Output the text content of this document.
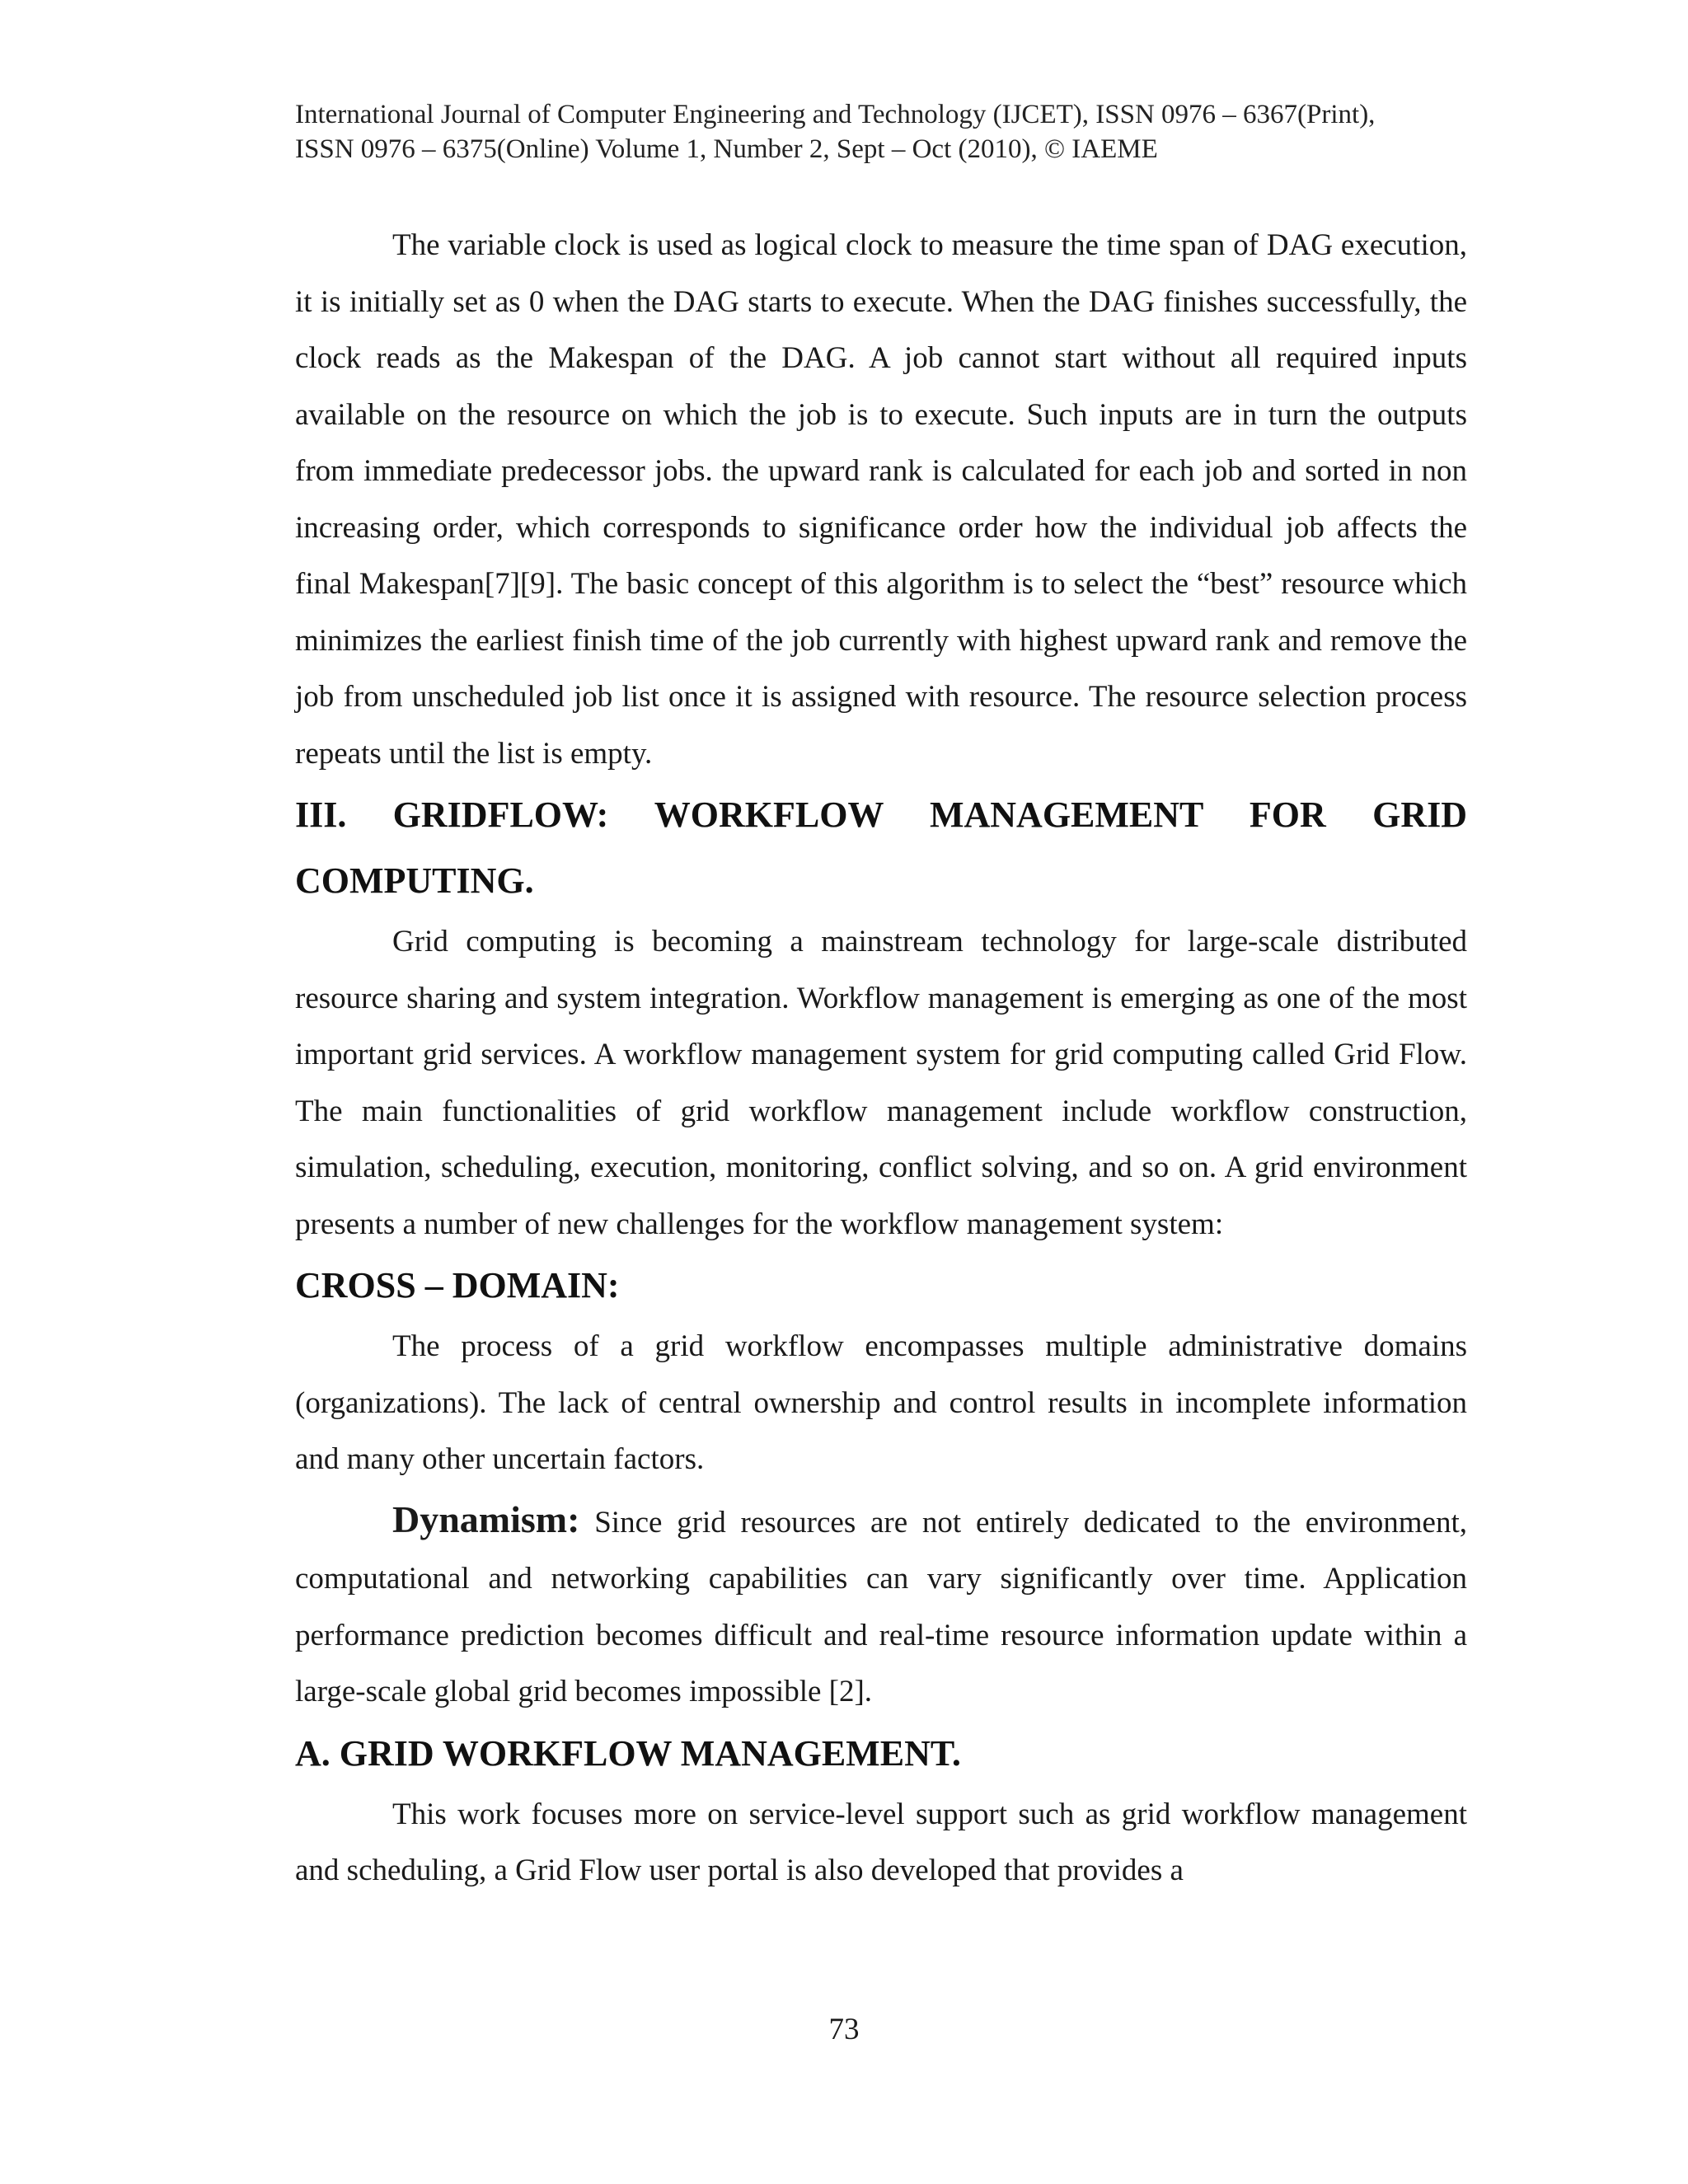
International Journal of Computer Engineering and Technology (IJCET), ISSN 0976 – 6367(Print),
ISSN 0976 – 6375(Online) Volume 1, Number 2, Sept – Oct (2010), © IAEME

The variable clock is used as logical clock to measure the time span of DAG execution, it is initially set as 0 when the DAG starts to execute. When the DAG finishes successfully, the clock reads as the Makespan of the DAG. A job cannot start without all required inputs available on the resource on which the job is to execute. Such inputs are in turn the outputs from immediate predecessor jobs. the upward rank is calculated for each job and sorted in non increasing order, which corresponds to significance order how the individual job affects the final Makespan[7][9]. The basic concept of this algorithm is to select the “best” resource which minimizes the earliest finish time of the job currently with highest upward rank and remove the job from unscheduled job list once it is assigned with resource. The resource selection process repeats until the list is empty.

III. GRIDFLOW: WORKFLOW MANAGEMENT FOR GRID COMPUTING.

Grid computing is becoming a mainstream technology for large-scale distributed resource sharing and system integration. Workflow management is emerging as one of the most important grid services. A workflow management system for grid computing called Grid Flow. The main functionalities of grid workflow management include workflow construction, simulation, scheduling, execution, monitoring, conflict solving, and so on. A grid environment presents a number of new challenges for the workflow management system:

CROSS – DOMAIN:

The process of a grid workflow encompasses multiple administrative domains (organizations). The lack of central ownership and control results in incomplete information and many other uncertain factors.

Dynamism: Since grid resources are not entirely dedicated to the environment, computational and networking capabilities can vary significantly over time. Application performance prediction becomes difficult and real-time resource information update within a large-scale global grid becomes impossible [2].

A. GRID WORKFLOW MANAGEMENT.

This work focuses more on service-level support such as grid workflow management and scheduling, a Grid Flow user portal is also developed that provides a

73
